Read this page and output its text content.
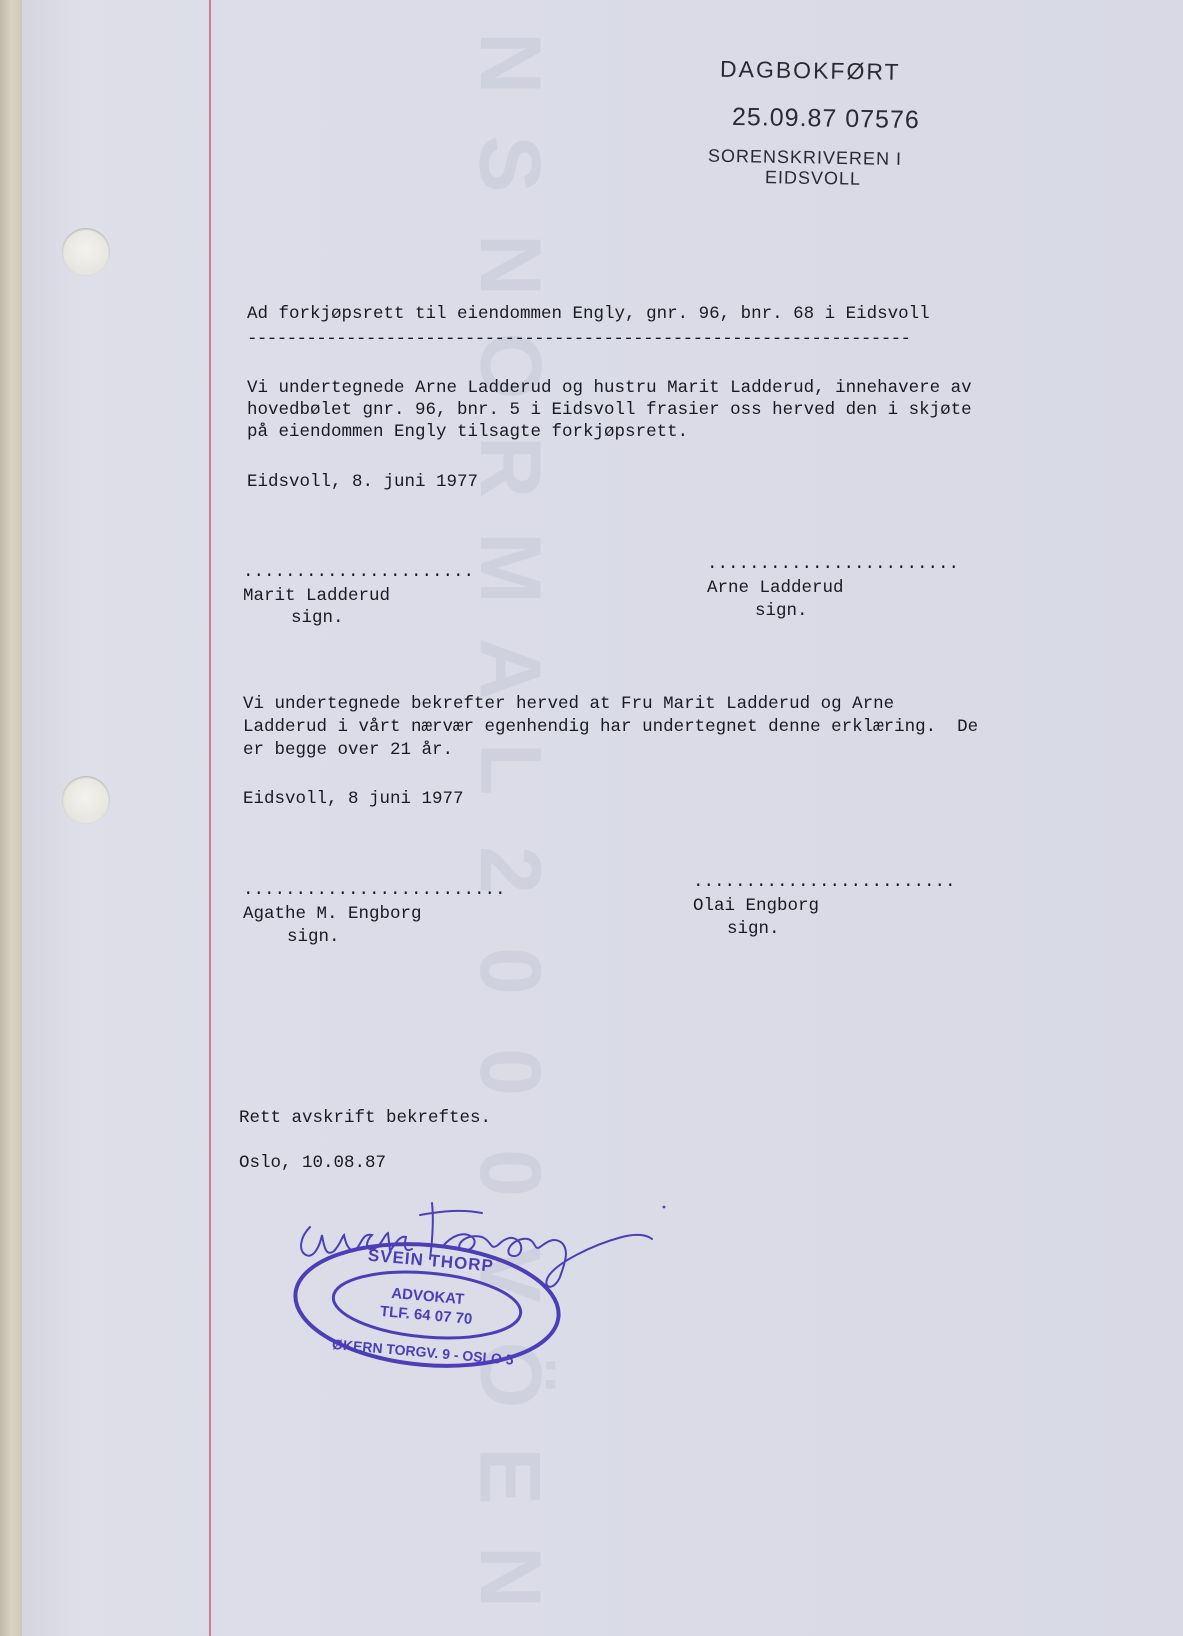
N
S
N
O
R
M
A
L
2
0
0
0
V
Ö
E
N
DAGBOKFØRT
25.09.87 07576
SORENSKRIVEREN I
EIDSVOLL

Ad forkjøpsrett til eiendommen Engly, gnr. 96, bnr. 68 i Eidsvoll

-------------------------------------------------------------------

Vi undertegnede Arne Ladderud og hustru Marit Ladderud, innehavere av

hovedbølet gnr. 96, bnr. 5 i Eidsvoll frasier oss herved den i skjøte

på eiendommen Engly tilsagte forkjøpsrett.

Eidsvoll, 8. juni 1977

......................

Marit Ladderud

sign.

........................

Arne Ladderud

sign.

Vi undertegnede bekrefter herved at Fru Marit Ladderud og Arne

Ladderud i vårt nærvær egenhendig har undertegnet denne erklæring.  De

er begge over 21 år.

Eidsvoll, 8 juni 1977

.........................

Agathe M. Engborg

sign.

.........................

Olai Engborg

sign.

Rett avskrift bekreftes.

Oslo, 10.08.87

SVEIN THORP
ADVOKAT
TLF. 64 07 70
ØKERN TORGV. 9 - OSLO 5
